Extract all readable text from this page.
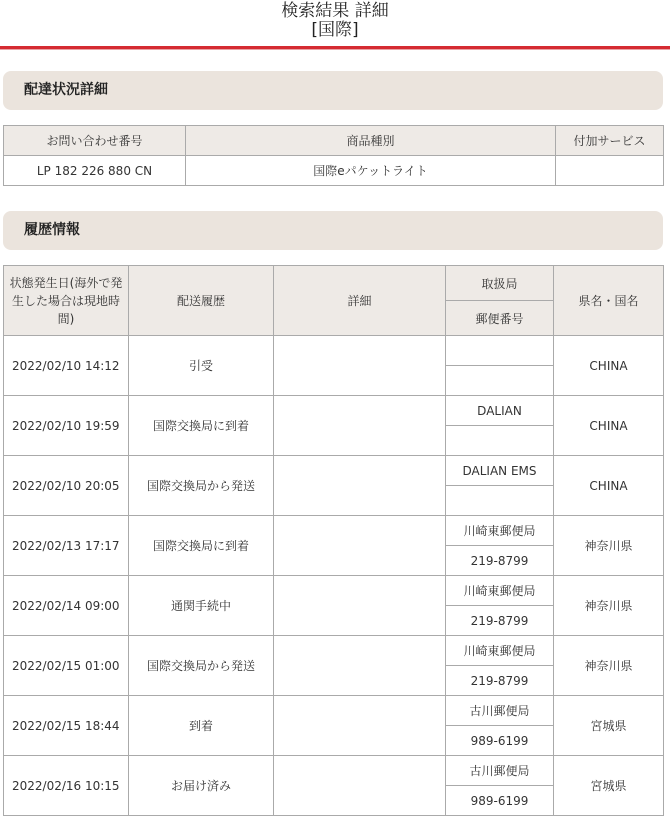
検索結果 詳細
[国際]
配達状況詳細
お問い合わせ番号	商品種別	付加サービス
LP 182 226 880 CN	国際eパケットライト	
履歴情報
状態発生日(海外で発生した場合は現地時間)	配送履歴	詳細	取扱局	県名・国名
			郵便番号	
2022/02/10 14:12	引受			CHINA

2022/02/10 19:59	国際交換局に到着		DALIAN	CHINA

2022/02/10 20:05	国際交換局から発送		DALIAN EMS	CHINA

2022/02/13 17:17	国際交換局に到着		川崎東郵便局	神奈川県
			219-8799	
2022/02/14 09:00	通関手続中		川崎東郵便局	神奈川県
			219-8799	
2022/02/15 01:00	国際交換局から発送		川崎東郵便局	神奈川県
			219-8799	
2022/02/15 18:44	到着		古川郵便局	宮城県
			989-6199	
2022/02/16 10:15	お届け済み		古川郵便局	宮城県
			989-6199	
